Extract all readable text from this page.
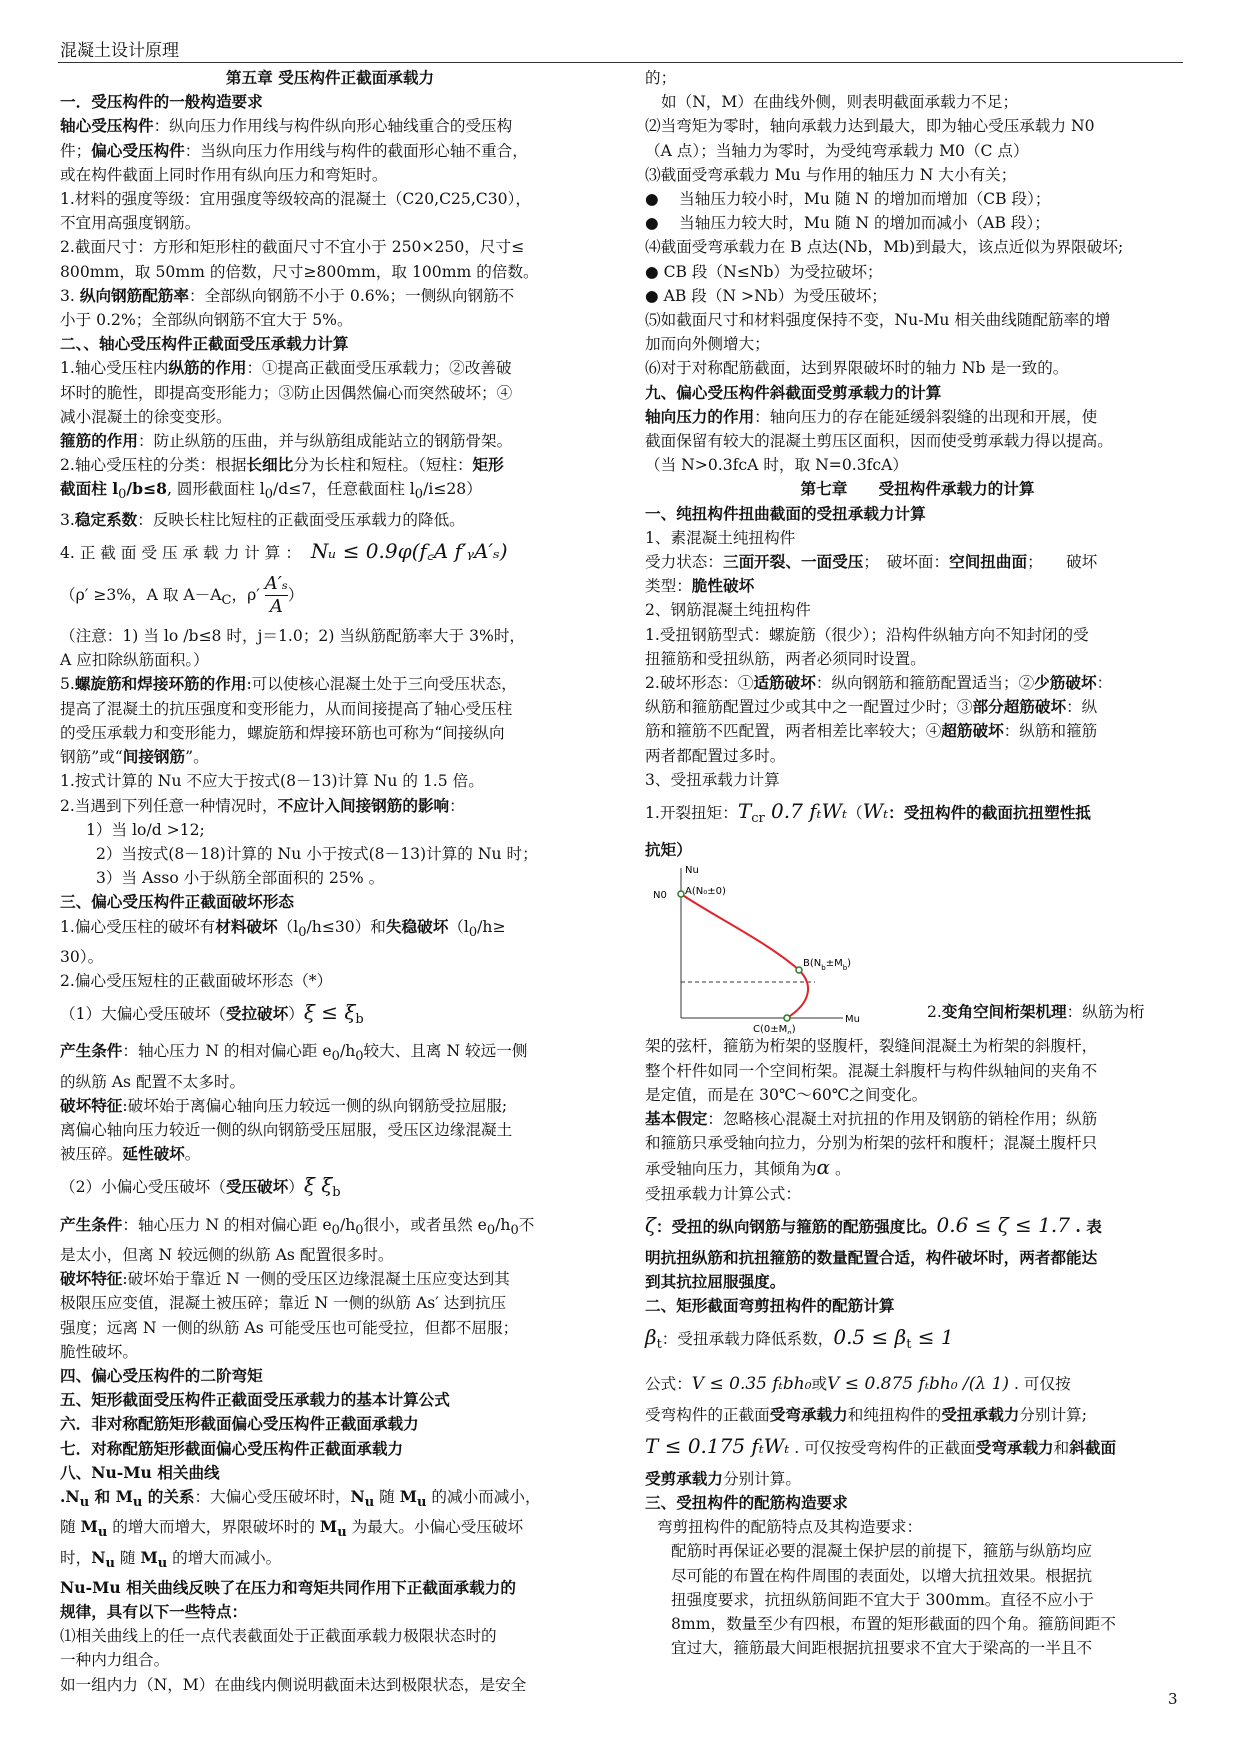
混凝土设计原理
3

第五章 受压构件正截面承载力

一．受压构件的一般构造要求

轴心受压构件：纵向压力作用线与构件纵向形心轴线重合的受压构

件；偏心受压构件：当纵向压力作用线与构件的截面形心轴不重合，

或在构件截面上同时作用有纵向压力和弯矩时。

1.材料的强度等级：宜用强度等级较高的混凝土（C20,C25,C30），

不宜用高强度钢筋。

2.截面尺寸：方形和矩形柱的截面尺寸不宜小于 250×250，尺寸≤

800mm，取 50mm 的倍数，尺寸≥800mm，取 100mm 的倍数。

3. 纵向钢筋配筋率：全部纵向钢筋不小于 0.6%；一侧纵向钢筋不

小于 0.2%；全部纵向钢筋不宜大于 5%。

二、、轴心受压构件正截面受压承载力计算

1.轴心受压柱内纵筋的作用：①提高正截面受压承载力；②改善破

坏时的脆性，即提高变形能力；③防止因偶然偏心而突然破坏；④

减小混凝土的徐变变形。

箍筋的作用：防止纵筋的压曲，并与纵筋组成能站立的钢筋骨架。

2.轴心受压柱的分类：根据长细比分为长柱和短柱。（短柱：矩形

截面柱 $l_0/b\le 8$, 圆形截面柱 $l_0/d\le 7$，任意截面柱 $l_0/i\le 28$）

3.稳定系数：反映长柱比短柱的正截面受压承载力的降低。

4. 正 截 面 受 压 承 载 力 计 算 ： Nᵤ ≤ 0.9φ(f꜀A f′ᵧA′ₛ)

（ρ′ ≥3%，A 取 $A-A_C$，$\rho' \frac{\text{A′ₛ}}{A}$ ）

（注意：1) 当 lo /b≤8 时，j＝1.0；2) 当纵筋配筋率大于 3%时，

A 应扣除纵筋面积。）

5.螺旋筋和焊接环筋的作用:可以使核心混凝土处于三向受压状态，

提高了混凝土的抗压强度和变形能力，从而间接提高了轴心受压柱

的受压承载力和变形能力，螺旋筋和焊接环筋也可称为“间接纵向

钢筋”或“间接钢筋”。

1.按式计算的 Nu 不应大于按式(8－13)计算 Nu 的 1.5 倍。

2.当遇到下列任意一种情况时，不应计入间接钢筋的影响：

1）当 lo/d >12;

2）当按式(8－18)计算的 Nu 小于按式(8－13)计算的 Nu 时；

3）当 Asso 小于纵筋全部面积的 25% 。

三、偏心受压构件正截面破坏形态

1.偏心受压柱的破坏有材料破坏$(l_0/h\le 30)$和失稳破坏（$l_0/h\ge$

30）。

2.偏心受压短柱的正截面破坏形态（*）

（1）大偏心受压破坏（受拉破坏）$\xi \le \xi_b$

产生条件：轴心压力 N 的相对偏心距 $e_0/h_0$较大、且离 N 较远一侧

的纵筋 As 配置不太多时。

破坏特征:破坏始于离偏心轴向压力较远一侧的纵向钢筋受拉屈服;

离偏心轴向压力较近一侧的纵向钢筋受压屈服，受压区边缘混凝土

被压碎。延性破坏。

（2）小偏心受压破坏（受压破坏）ξ $\xi_b$

产生条件：轴心压力 N 的相对偏心距 $e_0/h_0$很小，或者虽然 $e_0/h_0$不

是太小，但离 N 较远侧的纵筋 As 配置很多时。

破坏特征:破坏始于靠近 N 一侧的受压区边缘混凝土压应变达到其

极限压应变值，混凝土被压碎；靠近 N 一侧的纵筋 As′ 达到抗压

强度；远离 N 一侧的纵筋 As 可能受压也可能受拉，但都不屈服；

脆性破坏。

四、偏心受压构件的二阶弯矩

五、矩形截面受压构件正截面受压承载力的基本计算公式

六．非对称配筋矩形截面偏心受压构件正截面承载力

七．对称配筋矩形截面偏心受压构件正截面承载力

八、Nu-Mu 相关曲线

$.N_u$ 和 $M_u$ 的关系：大偏心受压破坏时，$N_u$ 随 $M_u$ 的减小而减小，

随 $M_u$ 的增大而增大，界限破坏时的 $M_u$ 为最大。小偏心受压破坏

时，$N_u$ 随 $M_u$ 的增大而减小。

Nu-Mu 相关曲线反映了在压力和弯矩共同作用下正截面承载力的

规律，具有以下一些特点：

⑴相关曲线上的任一点代表截面处于正截面承载力极限状态时的

一种内力组合。

如一组内力（N，M）在曲线内侧说明截面未达到极限状态，是安全

的；

如（N，M）在曲线外侧，则表明截面承载力不足；

⑵当弯矩为零时，轴向承载力达到最大，即为轴心受压承载力 N0

（A 点）；当轴力为零时，为受纯弯承载力 M0（C 点）

⑶截面受弯承载力 Mu 与作用的轴压力 N 大小有关；

●　 当轴压力较小时，Mu 随 N 的增加而增加（CB 段）；

●　 当轴压力较大时，Mu 随 N 的增加而减小（AB 段）；

⑷截面受弯承载力在 B 点达(Nb，Mb)到最大，该点近似为界限破坏;

● CB 段（N≤Nb）为受拉破坏；

● AB 段（N >Nb）为受压破坏；

⑸如截面尺寸和材料强度保持不变，Nu-Mu 相关曲线随配筋率的增

加而向外侧增大；

⑹对于对称配筋截面，达到界限破坏时的轴力 Nb 是一致的。

九、偏心受压构件斜截面受剪承载力的计算

轴向压力的作用：轴向压力的存在能延缓斜裂缝的出现和开展，使

截面保留有较大的混凝土剪压区面积，因而使受剪承载力得以提高。

（当 N>0.3fcA 时，取 N=0.3fcA）

第七章　　受扭构件承载力的计算

一、纯扭构件扭曲截面的受扭承载力计算

1、素混凝土纯扭构件

受力状态：三面开裂、一面受压；　破坏面：空间扭曲面；　　破坏

类型：脆性破坏

2、钢筋混凝土纯扭构件

1.受扭钢筋型式：螺旋筋（很少）；沿构件纵轴方向不知封闭的受

扭箍筋和受扭纵筋，两者必须同时设置。

2.破坏形态：①适筋破坏：纵向钢筋和箍筋配置适当；②少筋破坏：

纵筋和箍筋配置过少或其中之一配置过少时；③部分超筋破坏：纵

筋和箍筋不匹配置，两者相差比率较大；④超筋破坏：纵筋和箍筋

两者都配置过多时。

3、受扭承载力计算

1.开裂扭矩：$T_{cr}$ 0.7 fₜWₜ（Wₜ：受扭构件的截面抗扭塑性抵

抗矩）

Nu
Mu
N0 A(N₀±0)
$B(N_b\pm M_b)$
$C(0\pm M_0)$

2.变角空间桁架机理：纵筋为桁

架的弦杆，箍筋为桁架的竖腹杆，裂缝间混凝土为桁架的斜腹杆，

整个杆件如同一个空间桁架。混凝土斜腹杆与构件纵轴间的夹角不

是定值，而是在 30℃～60℃之间变化。

基本假定：忽略核心混凝土对抗扭的作用及钢筋的销栓作用；纵筋

和箍筋只承受轴向拉力，分别为桁架的弦杆和腹杆；混凝土腹杆只

承受轴向压力，其倾角为α 。

受扭承载力计算公式：

ζ：受扭的纵向钢筋与箍筋的配筋强度比。0.6 ≤ ζ ≤ 1.7 . 表

明抗扭纵筋和抗扭箍筋的数量配置合适，构件破坏时，两者都能达

到其抗拉屈服强度。

二、矩形截面弯剪扭构件的配筋计算

$\beta_t$：受扭承载力降低系数，$0.5 \le \beta_t \le 1$

公式：V ≤ 0.35 fₜbh₀或V ≤ 0.875 fₜbh₀ /(λ 1) . 可仅按

受弯构件的正截面受弯承载力和纯扭构件的受扭承载力分别计算;

T ≤ 0.175 fₜWₜ . 可仅按受弯构件的正截面受弯承载力和斜截面

受剪承载力分别计算。

三、受扭构件的配筋构造要求

弯剪扭构件的配筋特点及其构造要求：

配筋时再保证必要的混凝土保护层的前提下，箍筋与纵筋均应

尽可能的布置在构件周围的表面处，以增大抗扭效果。根据抗

扭强度要求，抗扭纵筋间距不宜大于 300mm。直径不应小于

8mm，数量至少有四根，布置的矩形截面的四个角。箍筋间距不

宜过大，箍筋最大间距根据抗扭要求不宜大于梁高的一半且不
